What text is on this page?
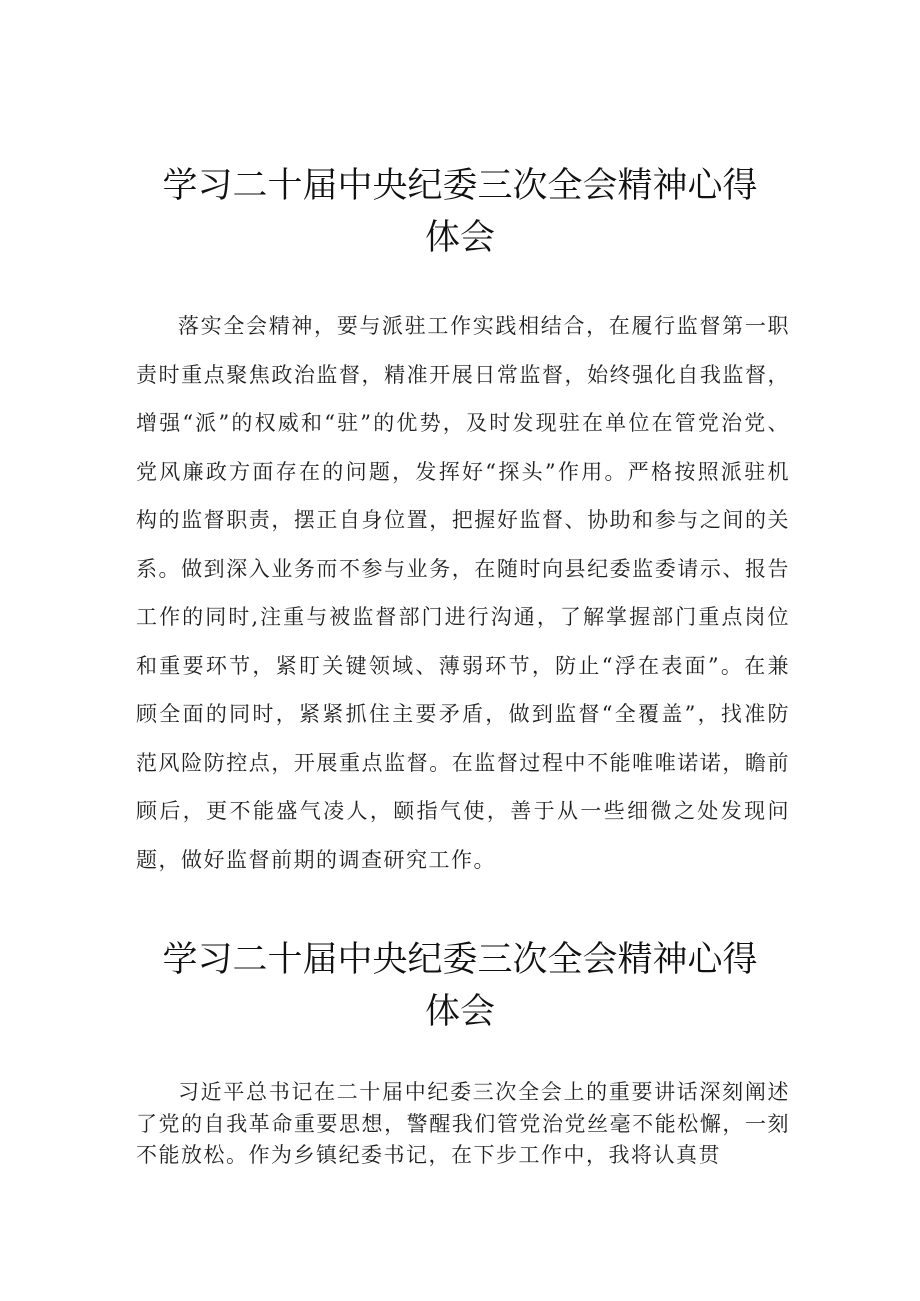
学习二十届中央纪委三次全会精神心得体会

落实全会精神，要与派驻工作实践相结合，在履行监督第一职责时重点聚焦政治监督，精准开展日常监督，始终强化自我监督，增强“派”的权威和“驻”的优势，及时发现驻在单位在管党治党、党风廉政方面存在的问题，发挥好“探头”作用。严格按照派驻机构的监督职责，摆正自身位置，把握好监督、协助和参与之间的关系。做到深入业务而不参与业务，在随时向县纪委监委请示、报告工作的同时,注重与被监督部门进行沟通，了解掌握部门重点岗位和重要环节，紧盯关键领域、薄弱环节，防止“浮在表面”。在兼顾全面的同时，紧紧抓住主要矛盾，做到监督“全覆盖”，找准防范风险防控点，开展重点监督。在监督过程中不能唯唯诺诺，瞻前顾后，更不能盛气凌人，颐指气使，善于从一些细微之处发现问题，做好监督前期的调查研究工作。

学习二十届中央纪委三次全会精神心得体会

习近平总书记在二十届中纪委三次全会上的重要讲话深刻阐述了党的自我革命重要思想，警醒我们管党治党丝毫不能松懈，一刻不能放松。作为乡镇纪委书记，在下步工作中，我将认真贯
